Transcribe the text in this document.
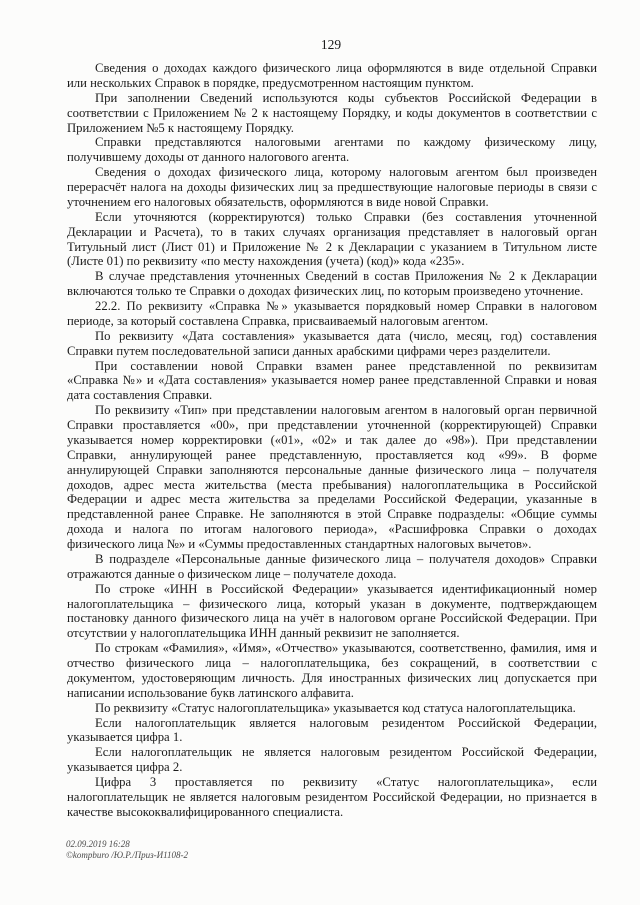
129
Сведения о доходах каждого физического лица оформляются в виде отдельной Справки
или нескольких Справок в порядке, предусмотренном настоящим пунктом.
При заполнении Сведений используются коды субъектов Российской Федерации в
соответствии с Приложением № 2 к настоящему Порядку, и коды документов в соответствии с
Приложением №5 к настоящему Порядку.
Справки представляются налоговыми агентами по каждому физическому лицу,
получившему доходы от данного налогового агента.
Сведения о доходах физического лица, которому налоговым агентом был произведен
перерасчёт налога на доходы физических лиц за предшествующие налоговые периоды в связи с
уточнением его налоговых обязательств, оформляются в виде новой Справки.
Если уточняются (корректируются) только Справки (без составления уточненной
Декларации и Расчета), то в таких случаях организация представляет в налоговый орган
Титульный лист (Лист 01) и Приложение № 2 к Декларации с указанием в Титульном листе
(Листе 01) по реквизиту «по месту нахождения (учета) (код)» кода «235».
В случае представления уточненных Сведений в состав Приложения № 2 к Декларации
включаются только те Справки о доходах физических лиц, по которым произведено уточнение.
22.2. По реквизиту «Справка №» указывается порядковый номер Справки в налоговом
периоде, за который составлена Справка, присваиваемый налоговым агентом.
По реквизиту «Дата составления» указывается дата (число, месяц, год) составления
Справки путем последовательной записи данных арабскими цифрами через разделители.
При составлении новой Справки взамен ранее представленной по реквизитам
«Справка №» и «Дата составления» указывается номер ранее представленной Справки и новая
дата составления Справки.
По реквизиту «Тип» при представлении налоговым агентом в налоговый орган первичной
Справки проставляется «00», при представлении уточненной (корректирующей) Справки
указывается номер корректировки («01», «02» и так далее до «98»). При представлении
Справки, аннулирующей ранее представленную, проставляется код «99». В форме
аннулирующей Справки заполняются персональные данные физического лица – получателя
доходов, адрес места жительства (места пребывания) налогоплательщика в Российской
Федерации и адрес места жительства за пределами Российской Федерации, указанные в
представленной ранее Справке. Не заполняются в этой Справке подразделы: «Общие суммы
дохода и налога по итогам налогового периода», «Расшифровка Справки о доходах
физического лица №» и «Суммы предоставленных стандартных налоговых вычетов».
В подразделе «Персональные данные физического лица – получателя доходов» Справки
отражаются данные о физическом лице – получателе дохода.
По строке «ИНН в Российской Федерации» указывается идентификационный номер
налогоплательщика – физического лица, который указан в документе, подтверждающем
постановку данного физического лица на учёт в налоговом органе Российской Федерации. При
отсутствии у налогоплательщика ИНН данный реквизит не заполняется.
По строкам «Фамилия», «Имя», «Отчество» указываются, соответственно, фамилия, имя и
отчество физического лица – налогоплательщика, без сокращений, в соответствии с
документом, удостоверяющим личность. Для иностранных физических лиц допускается при
написании использование букв латинского алфавита.
По реквизиту «Статус налогоплательщика» указывается код статуса налогоплательщика.
Если налогоплательщик является налоговым резидентом Российской Федерации,
указывается цифра 1.
Если налогоплательщик не является налоговым резидентом Российской Федерации,
указывается цифра 2.
Цифра 3 проставляется по реквизиту «Статус налогоплательщика», если
налогоплательщик не является налоговым резидентом Российской Федерации, но признается в
качестве высококвалифицированного специалиста.
02.09.2019 16:28
©kompburo /Ю.Р./Приз-И1108-2
